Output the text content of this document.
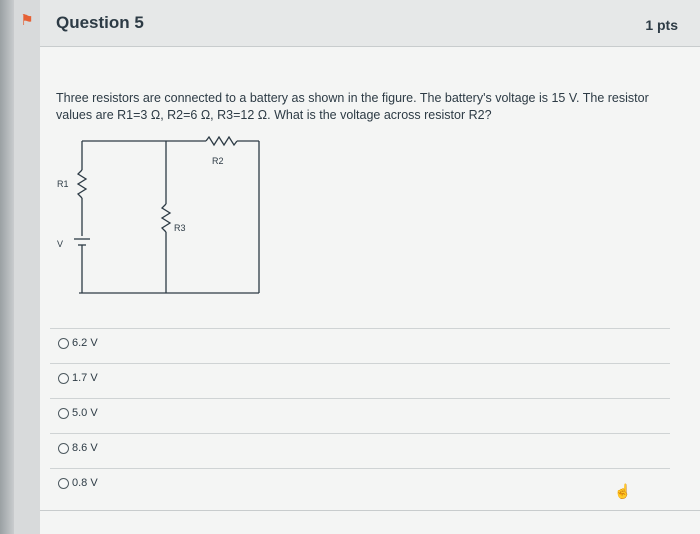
⚑ Question 5	1 pts
Three resistors are connected to a battery as shown in the figure. The battery's voltage is 15 V. The resistor values are R1=3 Ω, R2=6 Ω, R3=12 Ω. What is the voltage across resistor R2?
R2
R1
R3
V
6.2 V
1.7 V
5.0 V
8.6 V
0.8 V	☝
